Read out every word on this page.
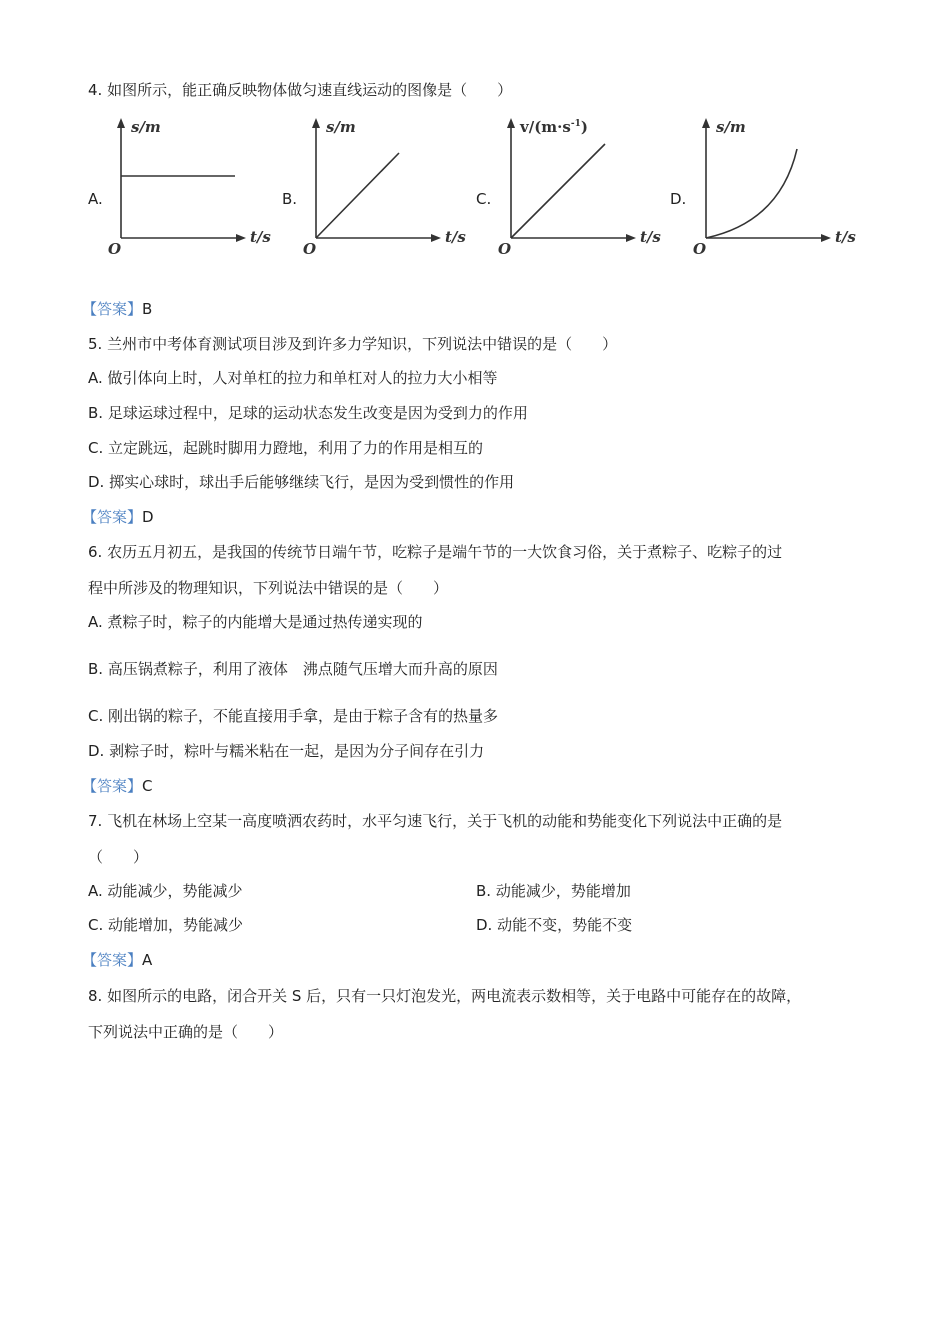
4. 如图所示，能正确反映物体做匀速直线运动的图像是（　　）
A.
s/m
t/s
O
B.
s/m
t/s
O
C.
$v/(m\cdot s^{-1})$
t/s
O
D.
s/m
t/s
O
【答案】B
5. 兰州市中考体育测试项目涉及到许多力学知识，下列说法中错误的是（　　）
A. 做引体向上时，人对单杠的拉力和单杠对人的拉力大小相等
B. 足球运球过程中，足球的运动状态发生改变是因为受到力的作用
C. 立定跳远，起跳时脚用力蹬地，利用了力的作用是相互的
D. 掷实心球时，球出手后能够继续飞行，是因为受到惯性的作用
【答案】D
6. 农历五月初五，是我国的传统节日端午节，吃粽子是端午节的一大饮食习俗，关于煮粽子、吃粽子的过
程中所涉及的物理知识，下列说法中错误的是（　　）
A. 煮粽子时，粽子的内能增大是通过热传递实现的
B. 高压锅煮粽子，利用了液体　沸点随气压增大而升高的原因
C. 刚出锅的粽子，不能直接用手拿，是由于粽子含有的热量多
D. 剥粽子时，粽叶与糯米粘在一起，是因为分子间存在引力
【答案】C
7. 飞机在林场上空某一高度喷洒农药时，水平匀速飞行，关于飞机的动能和势能变化下列说法中正确的是
（　　）
A. 动能减少，势能减少	B. 动能减少，势能增加
C. 动能增加，势能减少	D. 动能不变，势能不变
【答案】A
8. 如图所示的电路，闭合开关 S 后，只有一只灯泡发光，两电流表示数相等，关于电路中可能存在的故障，
下列说法中正确的是（　　）
